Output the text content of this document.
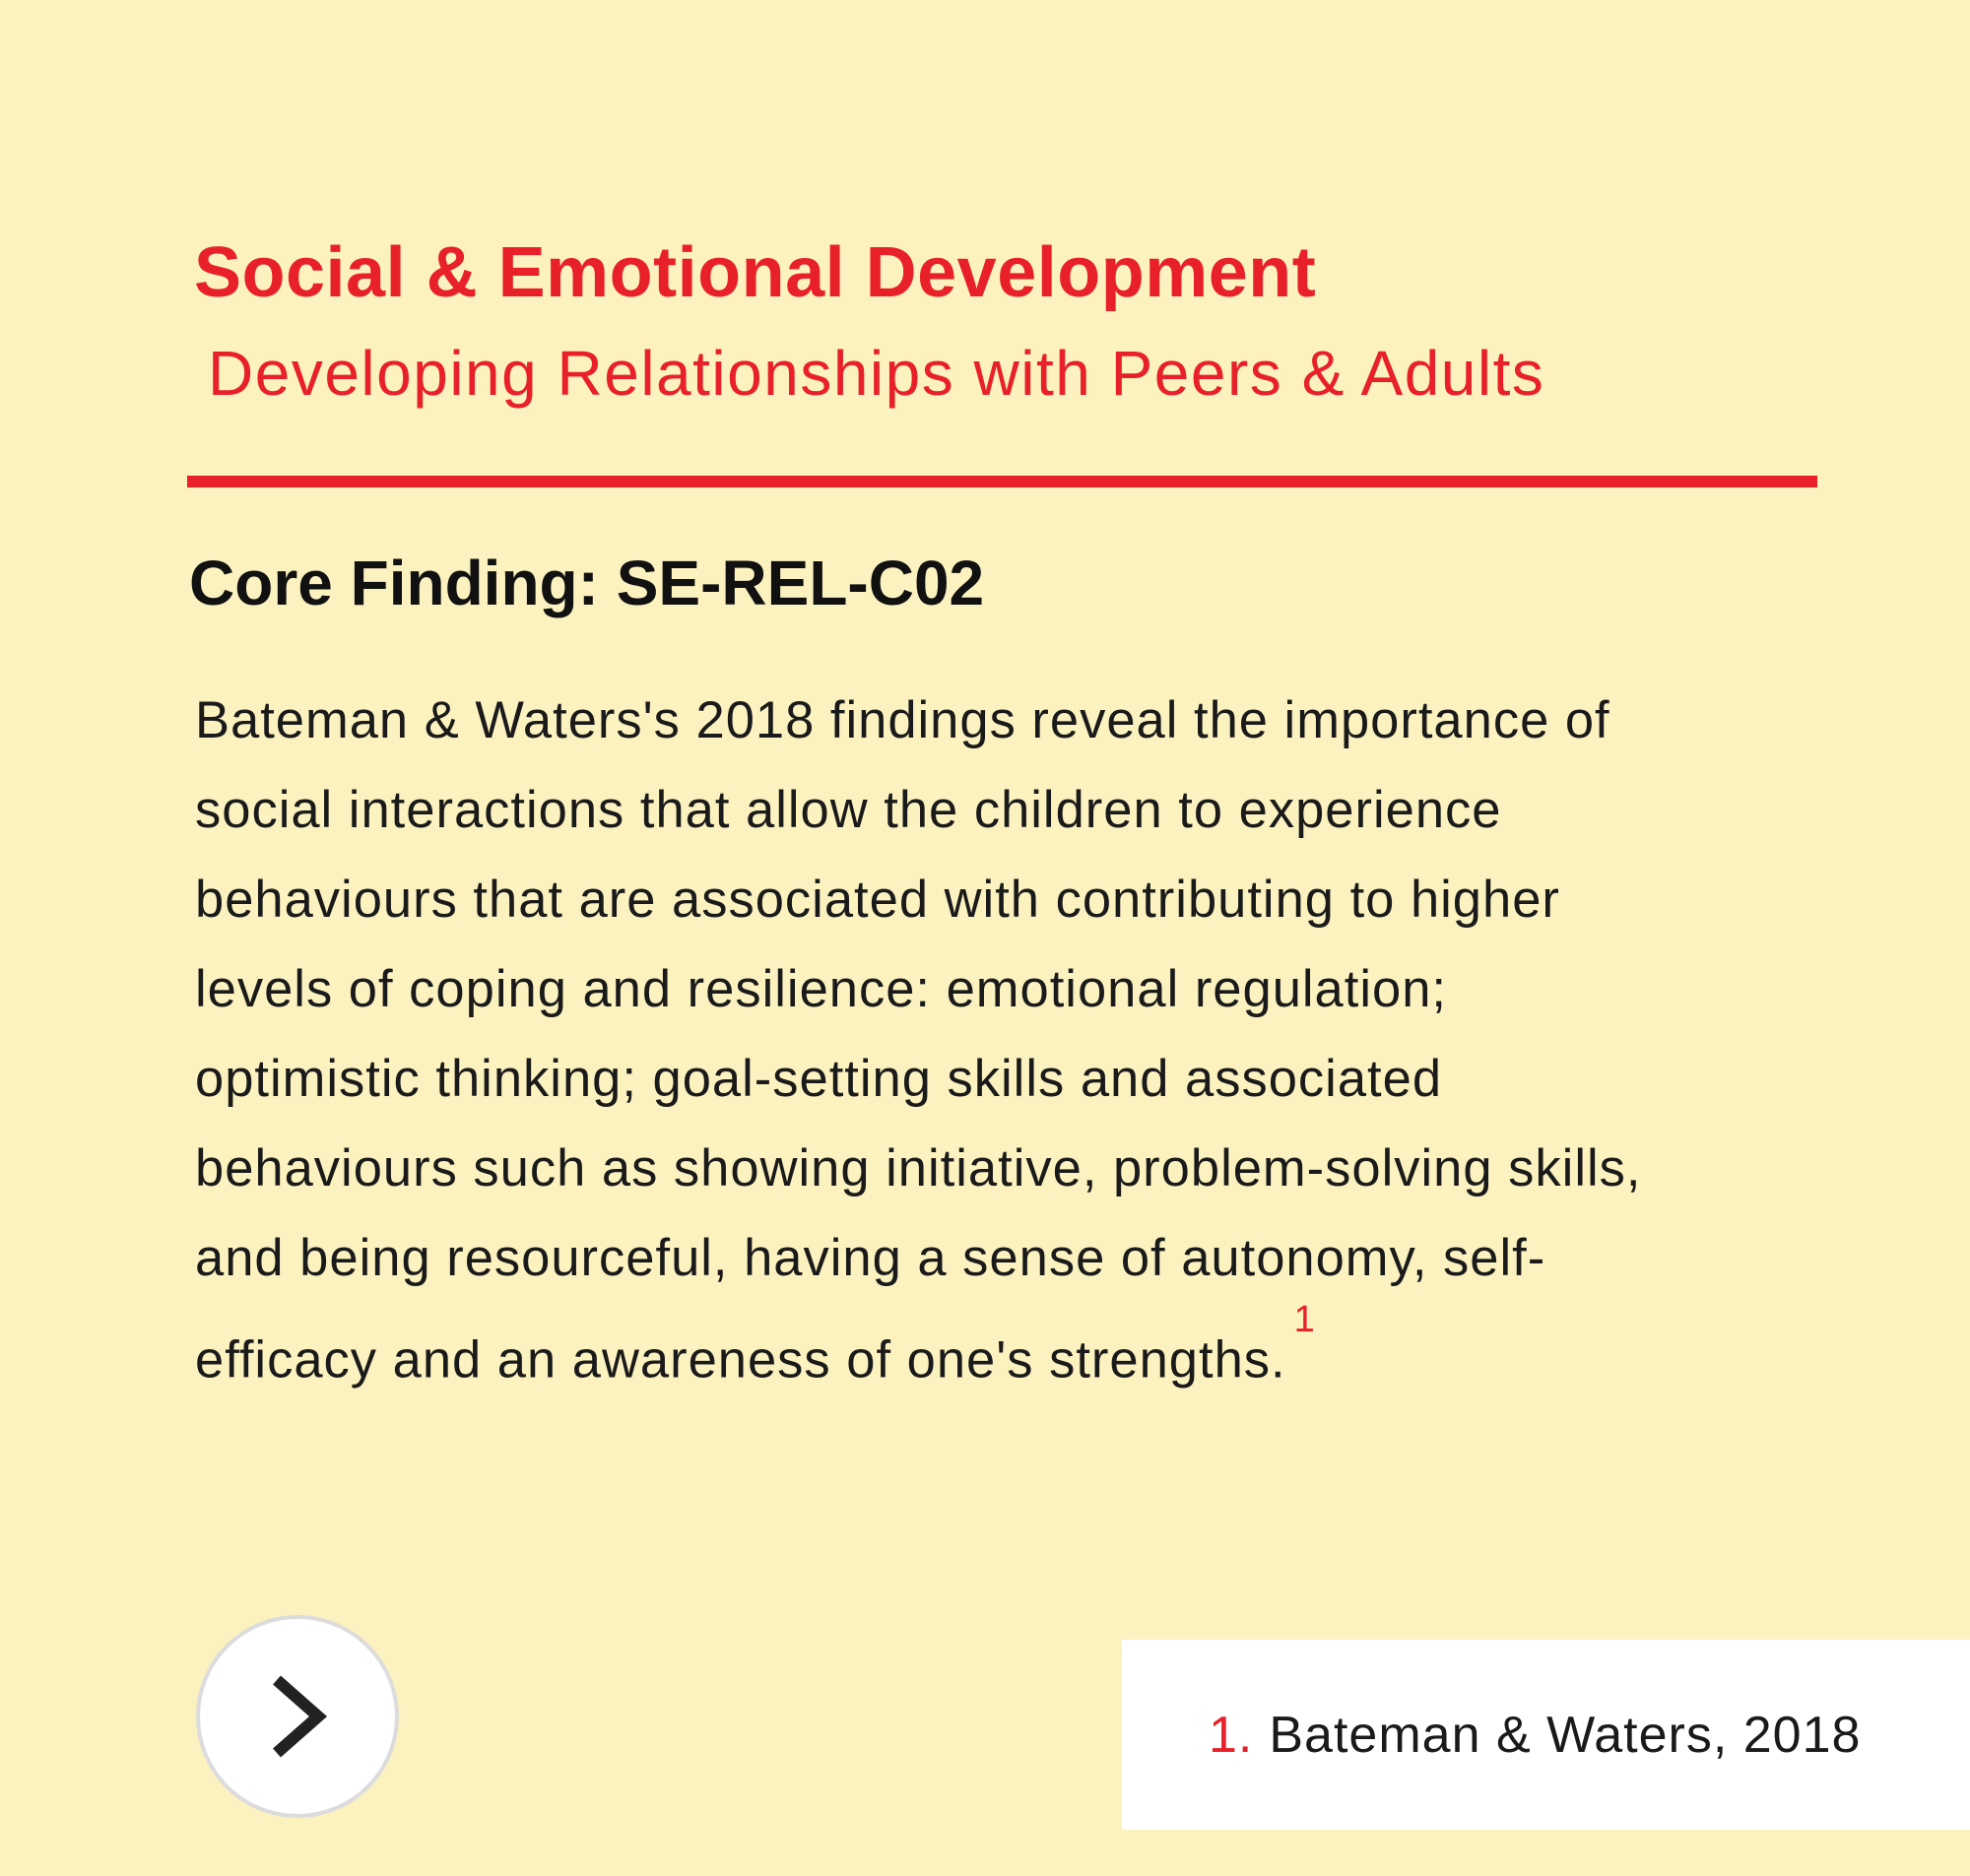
Social & Emotional Development
Developing Relationships with Peers & Adults
Core Finding: SE-REL-C02

Bateman & Waters's 2018 findings reveal the importance of
social interactions that allow the children to experience
behaviours that are associated with contributing to higher
levels of coping and resilience: emotional regulation;
optimistic thinking; goal-setting skills and associated
behaviours such as showing initiative, problem-solving skills,
and being resourceful, having a sense of autonomy, self-
efficacy and an awareness of one's strengths.$^1$

1. Bateman & Waters, 2018
